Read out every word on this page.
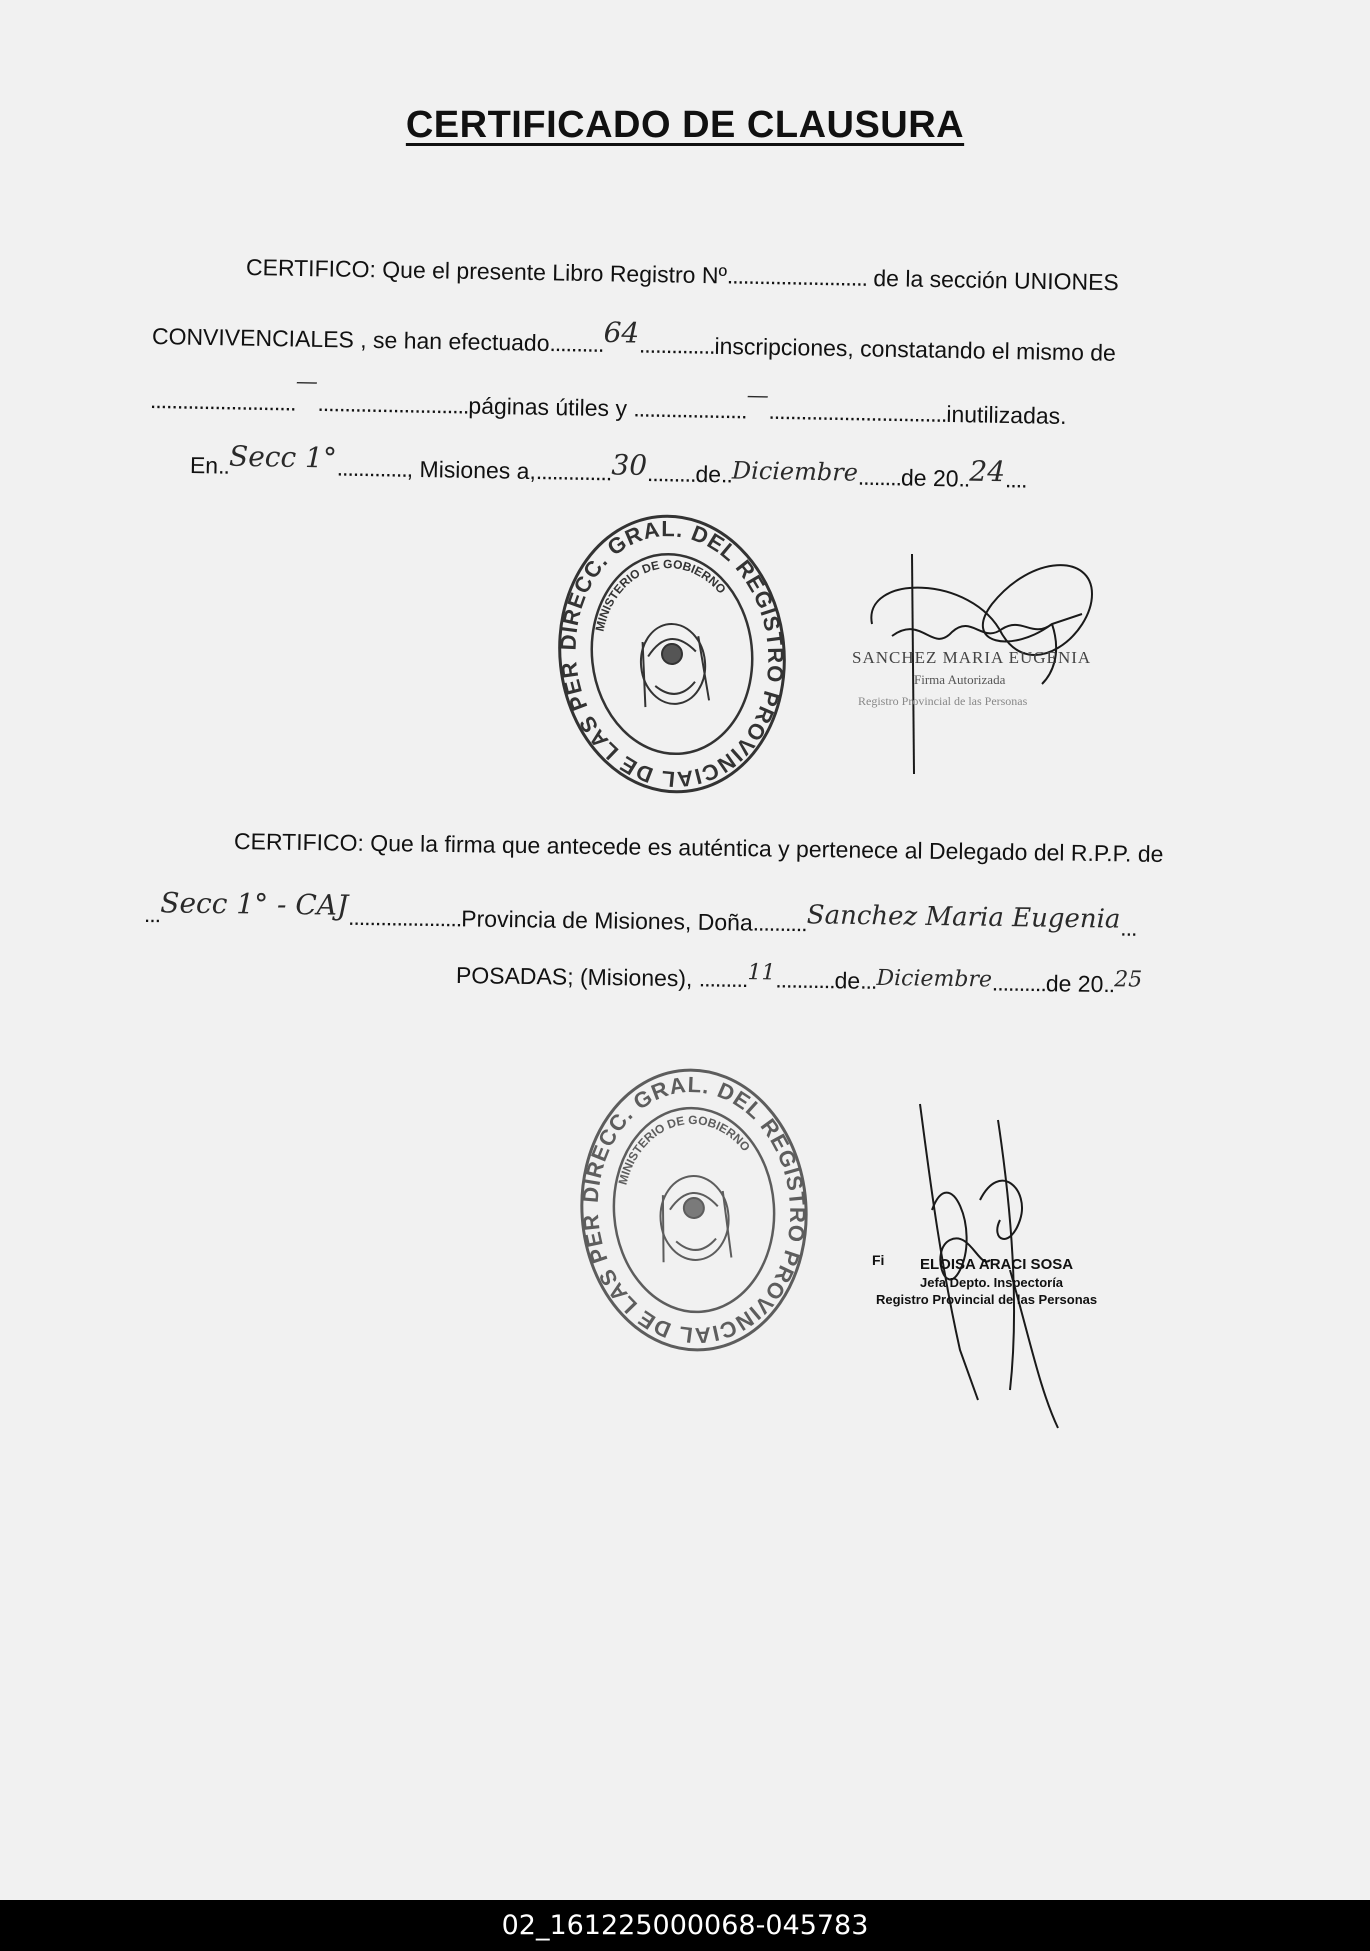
CERTIFICADO DE CLAUSURA
CERTIFICO: Que el presente Libro Registro Nº.......................... de la sección UNIONES
CONVIVENCIALES , se han efectuado..........64..............inscripciones, constatando el mismo de
...........................—............................páginas útiles y .....................—.................................inutilizadas.
En..Secc 1°............., Misiones a,..............30.........de..Diciembre........de 20..24....
DIRECC. GRAL. DEL REGISTRO PROVINCIAL DE LAS PERSONAS
MINISTERIO DE GOBIERNO
SANCHEZ MARIA EUGENIA
Firma Autorizada
Registro Provincial de las Personas
CERTIFICO: Que la firma que antecede es auténtica y pertenece al Delegado del R.P.P. de
...Secc 1° - CAJ.....................Provincia de Misiones, Doña..........Sanchez Maria Eugenia...
POSADAS; (Misiones), .........11...........de...Diciembre..........de 20..25
DIRECC. GRAL. DEL REGISTRO PROVINCIAL DE LAS PERSONAS
MINISTERIO DE GOBIERNO
Fi ELOISA ARACI SOSA
Jefa Depto. Inspectoría
Registro Provincial de las Personas
02_161225000068-045783
